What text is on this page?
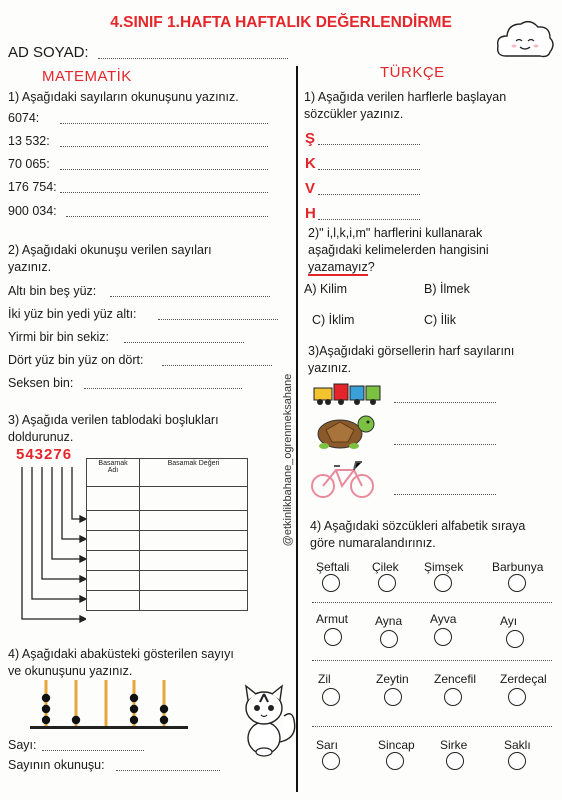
4.SINIF 1.HAFTA HAFTALIK DEĞERLENDİRME
AD SOYAD:
MATEMATİK	TÜRKÇE
@etkinlikbahane_ogrenmeksahane
1) Aşağıdaki sayıların okunuşunu yazınız.
6074:
13 532:
70 065:
176 754:
900 034:
2) Aşağıdaki okunuşu verilen sayıları
yazınız.
Altı bin beş yüz:
İki yüz bin yedi yüz altı:
Yirmi bir bin sekiz:
Dört yüz bin yüz on dört:
Seksen bin:
3) Aşağıda verilen tablodaki boşlukları
doldurunuz.
543276
Basamak
Adı	Basamak Değeri

4) Aşağıdaki abaküsteki gösterilen sayıyı
ve okunuşunu yazınız.
Sayı:
Sayının okunuşu:
1) Aşağıda verilen harflerle başlayan
sözcükler yazınız.
Ş
K
V
H
2)" i,l,k,i,m" harflerini kullanarak
aşağıdaki kelimelerden hangisini
yazamayız?
A) Kilim	B) İlmek
C) İklim	C) İlik
3)Aşağıdaki görsellerin harf sayılarını
yazınız.
4) Aşağıdaki sözcükleri alfabetik sıraya
göre numaralandırınız.
Şeftali Çilek Şimşek Barbunya
Armut Ayna Ayva	Ayı
Zil	Zeytin Zencefil Zerdeçal
Sarı	Sincap Sirke	Saklı
